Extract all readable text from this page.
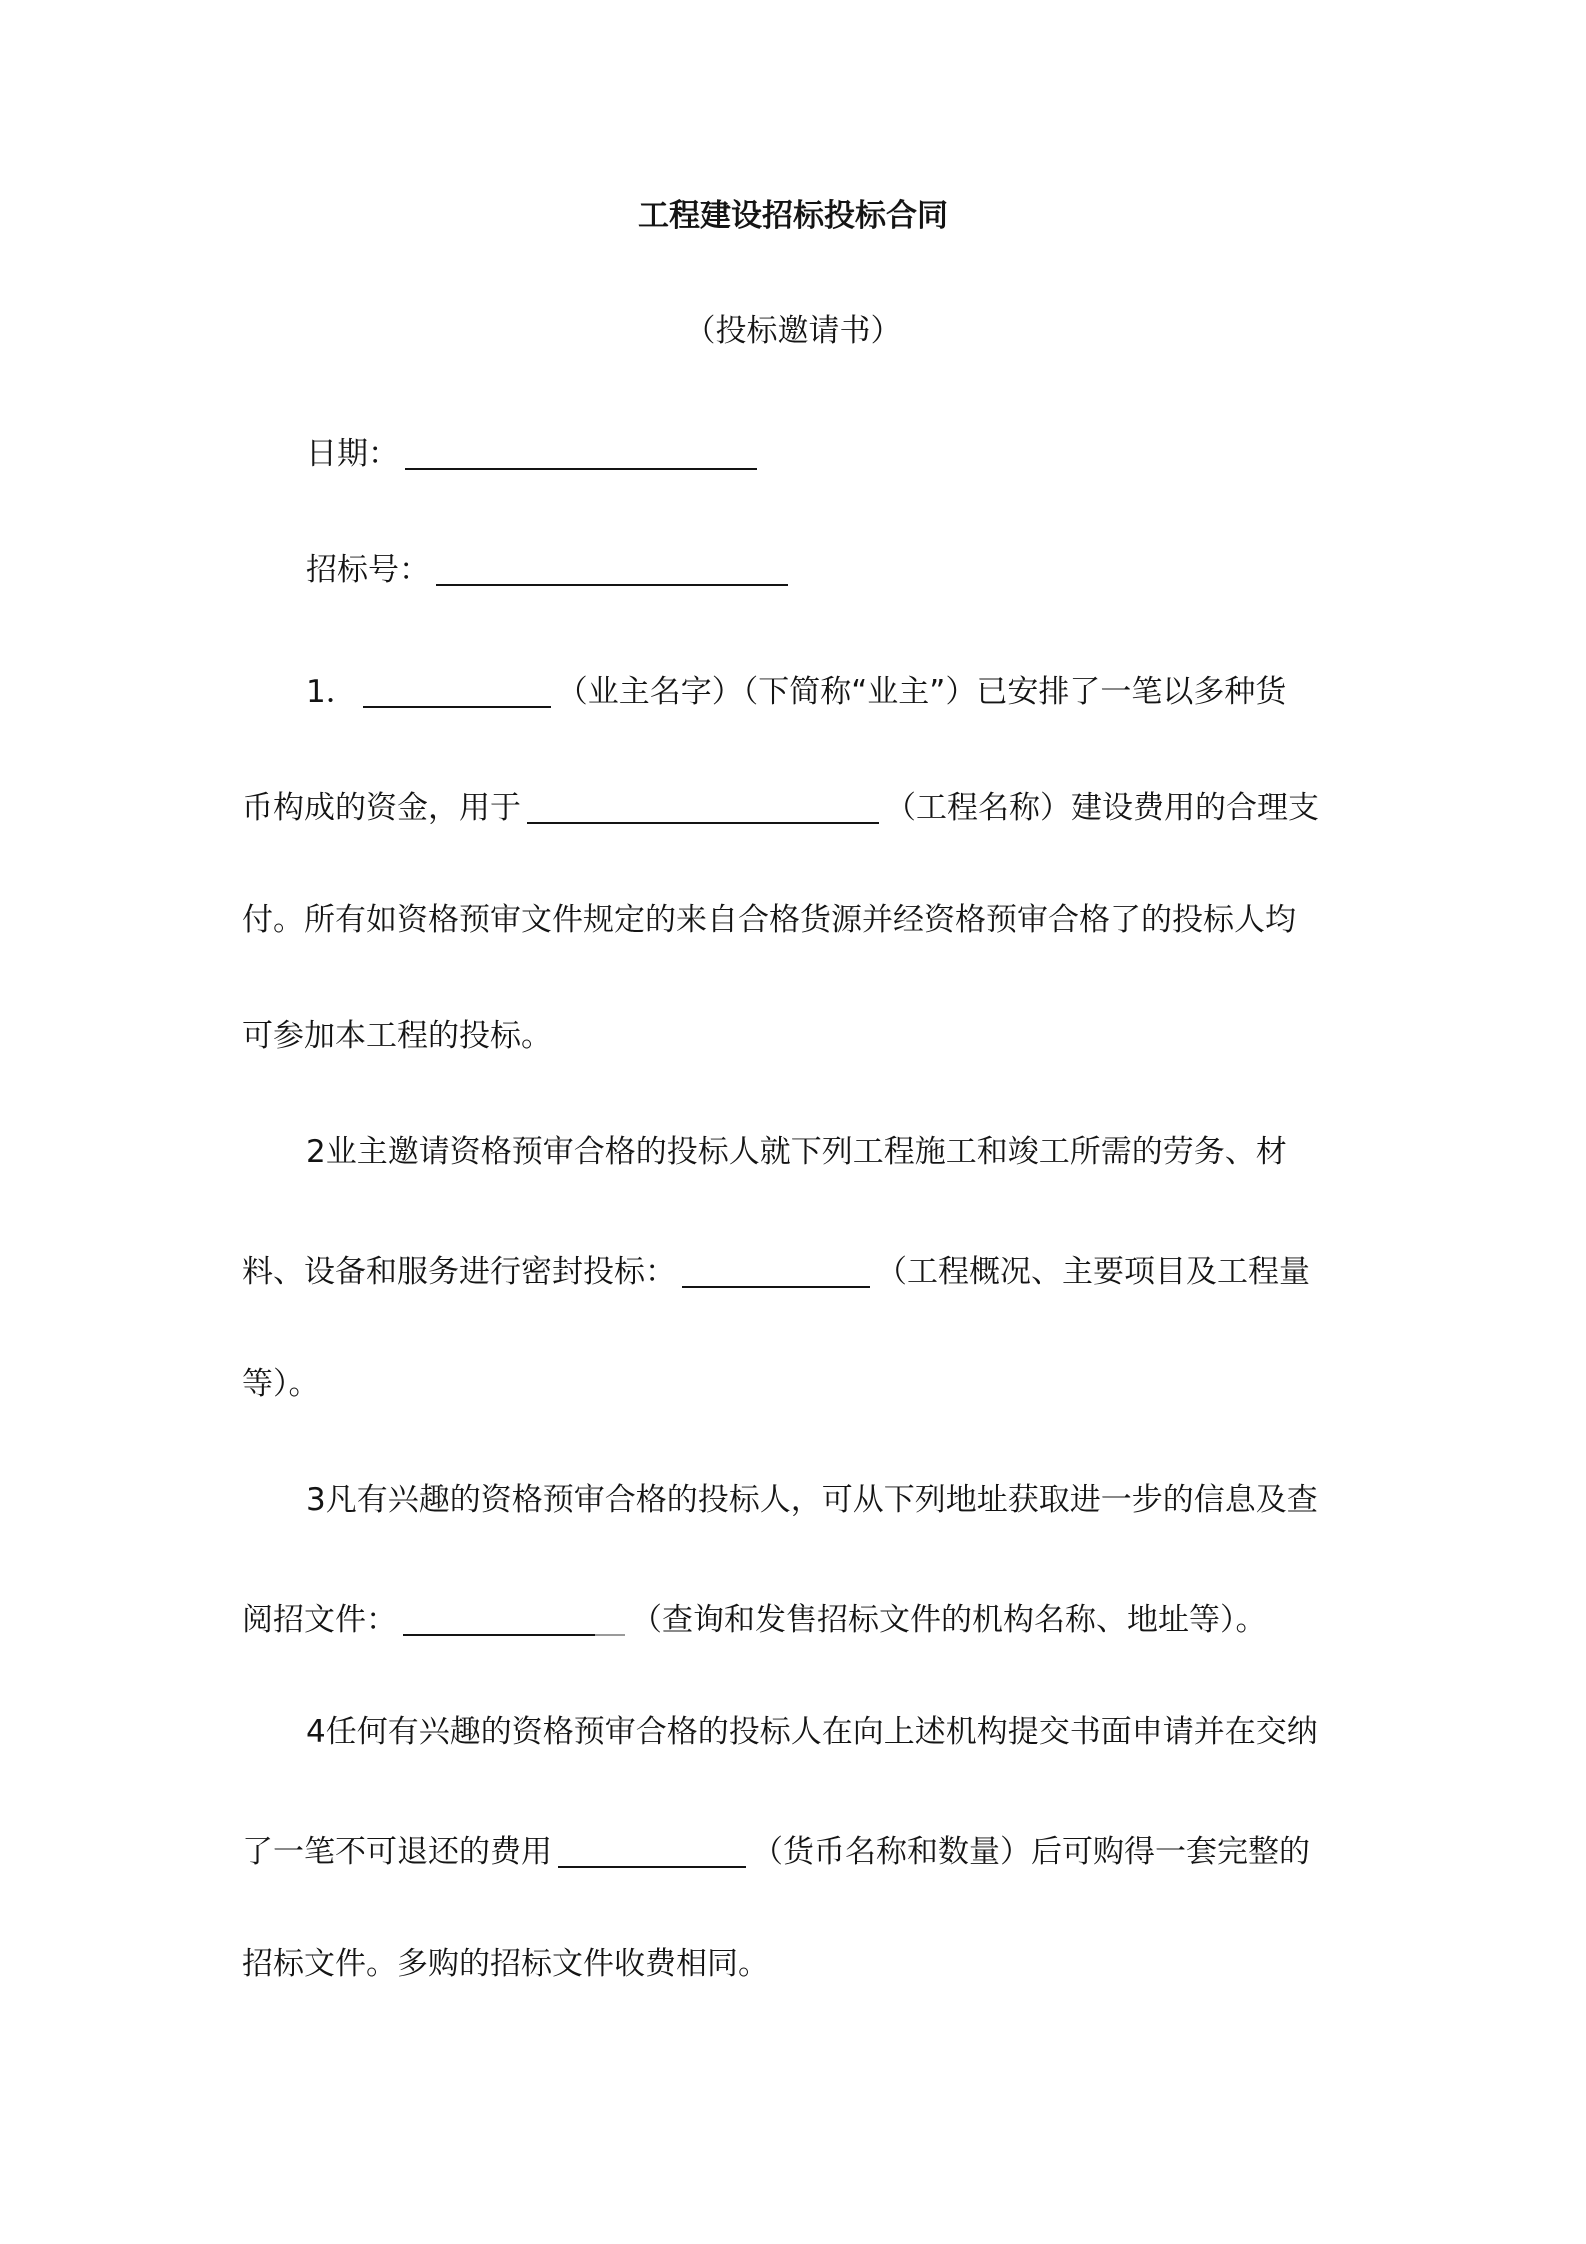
工程建设招标投标合同
（投标邀请书）
日期：
招标号：
1．	（业主名字）（下简称“业主”）已安排了一笔以多种货
币构成的资金，用于	（工程名称）建设费用的合理支
付。所有如资格预审文件规定的来自合格货源并经资格预审合格了的投标人均
可参加本工程的投标。
2业主邀请资格预审合格的投标人就下列工程施工和竣工所需的劳务、材
料、设备和服务进行密封投标：	（工程概况、主要项目及工程量
等）。
3凡有兴趣的资格预审合格的投标人，可从下列地址获取进一步的信息及查
阅招文件：	（查询和发售招标文件的机构名称、地址等）。
4任何有兴趣的资格预审合格的投标人在向上述机构提交书面申请并在交纳
了一笔不可退还的费用	（货币名称和数量）后可购得一套完整的
招标文件。多购的招标文件收费相同。
